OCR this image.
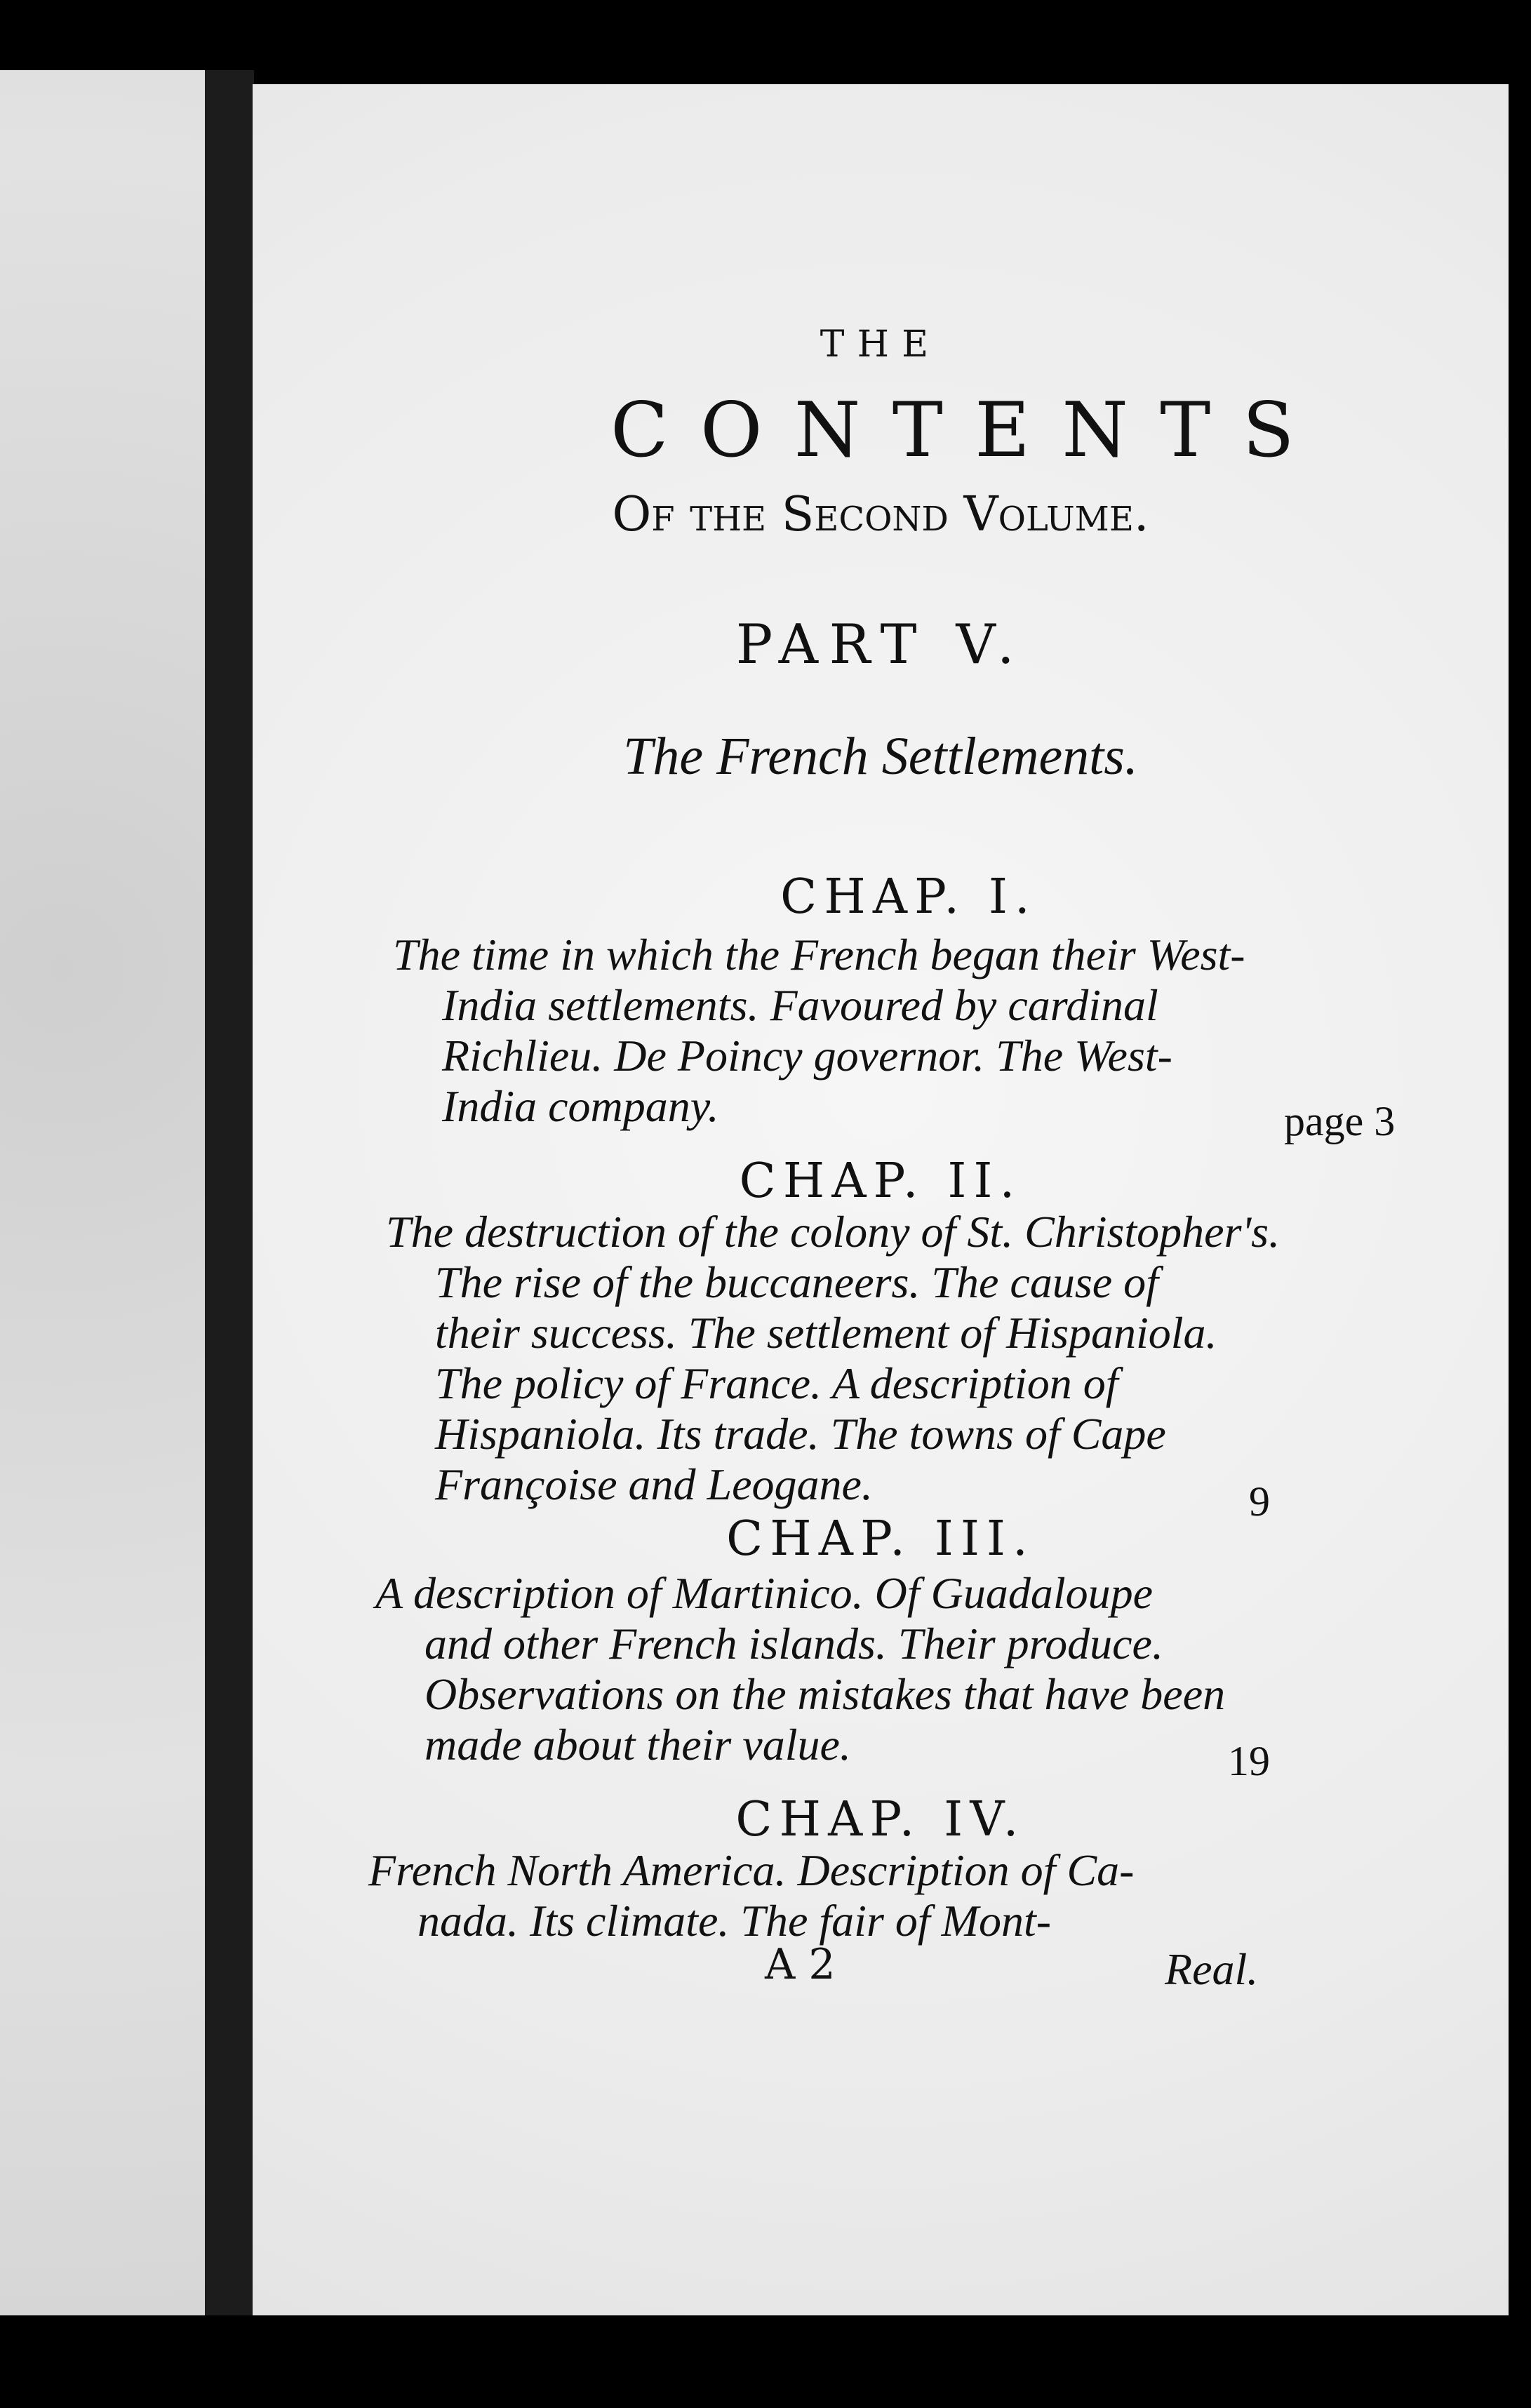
THE
CONTENTS
Of the Second Volume.
PART V.
The French Settlements.
CHAP. I.
The time in which the French began their West-
India settlements. Favoured by cardinal
Richlieu. De Poincy governor. The West-
India company.	page 3
CHAP. II.
The destruction of the colony of St. Christopher's.
The rise of the buccaneers. The cause of
their success. The settlement of Hispaniola.
The policy of France. A description of
Hispaniola. Its trade. The towns of Cape
Françoise and Leogane.	9
CHAP. III.
A description of Martinico. Of Guadaloupe
and other French islands. Their produce.
Observations on the mistakes that have been
made about their value.	19
CHAP. IV.
French North America. Description of Ca-
nada. Its climate. The fair of Mont-
A 2	Real.
